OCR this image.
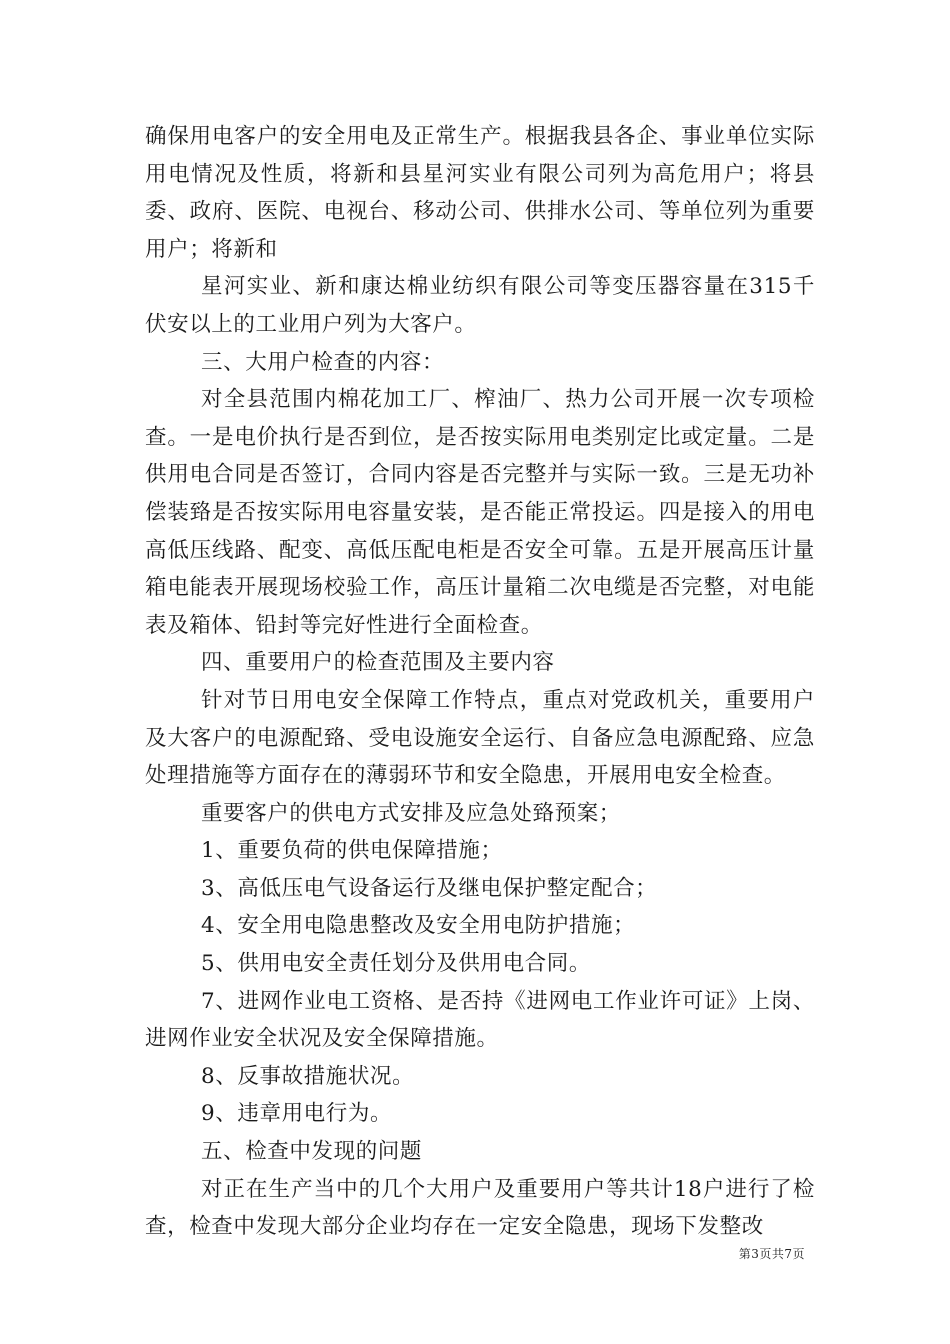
确保用电客户的安全用电及正常生产。根据我县各企、事业单位实际用电情况及性质，将新和县星河实业有限公司列为高危用户；将县委、政府、医院、电视台、移动公司、供排水公司、等单位列为重要用户；将新和

星河实业、新和康达棉业纺织有限公司等变压器容量在315千伏安以上的工业用户列为大客户。

三、大用户检查的内容：

对全县范围内棉花加工厂、榨油厂、热力公司开展一次专项检查。一是电价执行是否到位，是否按实际用电类别定比或定量。二是供用电合同是否签订，合同内容是否完整并与实际一致。三是无功补偿装臵是否按实际用电容量安装，是否能正常投运。四是接入的用电高低压线路、配变、高低压配电柜是否安全可靠。五是开展高压计量箱电能表开展现场校验工作，高压计量箱二次电缆是否完整，对电能表及箱体、铅封等完好性进行全面检查。

四、重要用户的检查范围及主要内容

针对节日用电安全保障工作特点，重点对党政机关，重要用户及大客户的电源配臵、受电设施安全运行、自备应急电源配臵、应急处理措施等方面存在的薄弱环节和安全隐患，开展用电安全检查。

重要客户的供电方式安排及应急处臵预案；

1、重要负荷的供电保障措施；

3、高低压电气设备运行及继电保护整定配合；

4、安全用电隐患整改及安全用电防护措施；

5、供用电安全责任划分及供用电合同。

7、进网作业电工资格、是否持《进网电工作业许可证》上岗、进网作业安全状况及安全保障措施。

8、反事故措施状况。

9、违章用电行为。

五、检查中发现的问题

对正在生产当中的几个大用户及重要用户等共计18户进行了检查，检查中发现大部分企业均存在一定安全隐患，现场下发整改

第3页共7页
